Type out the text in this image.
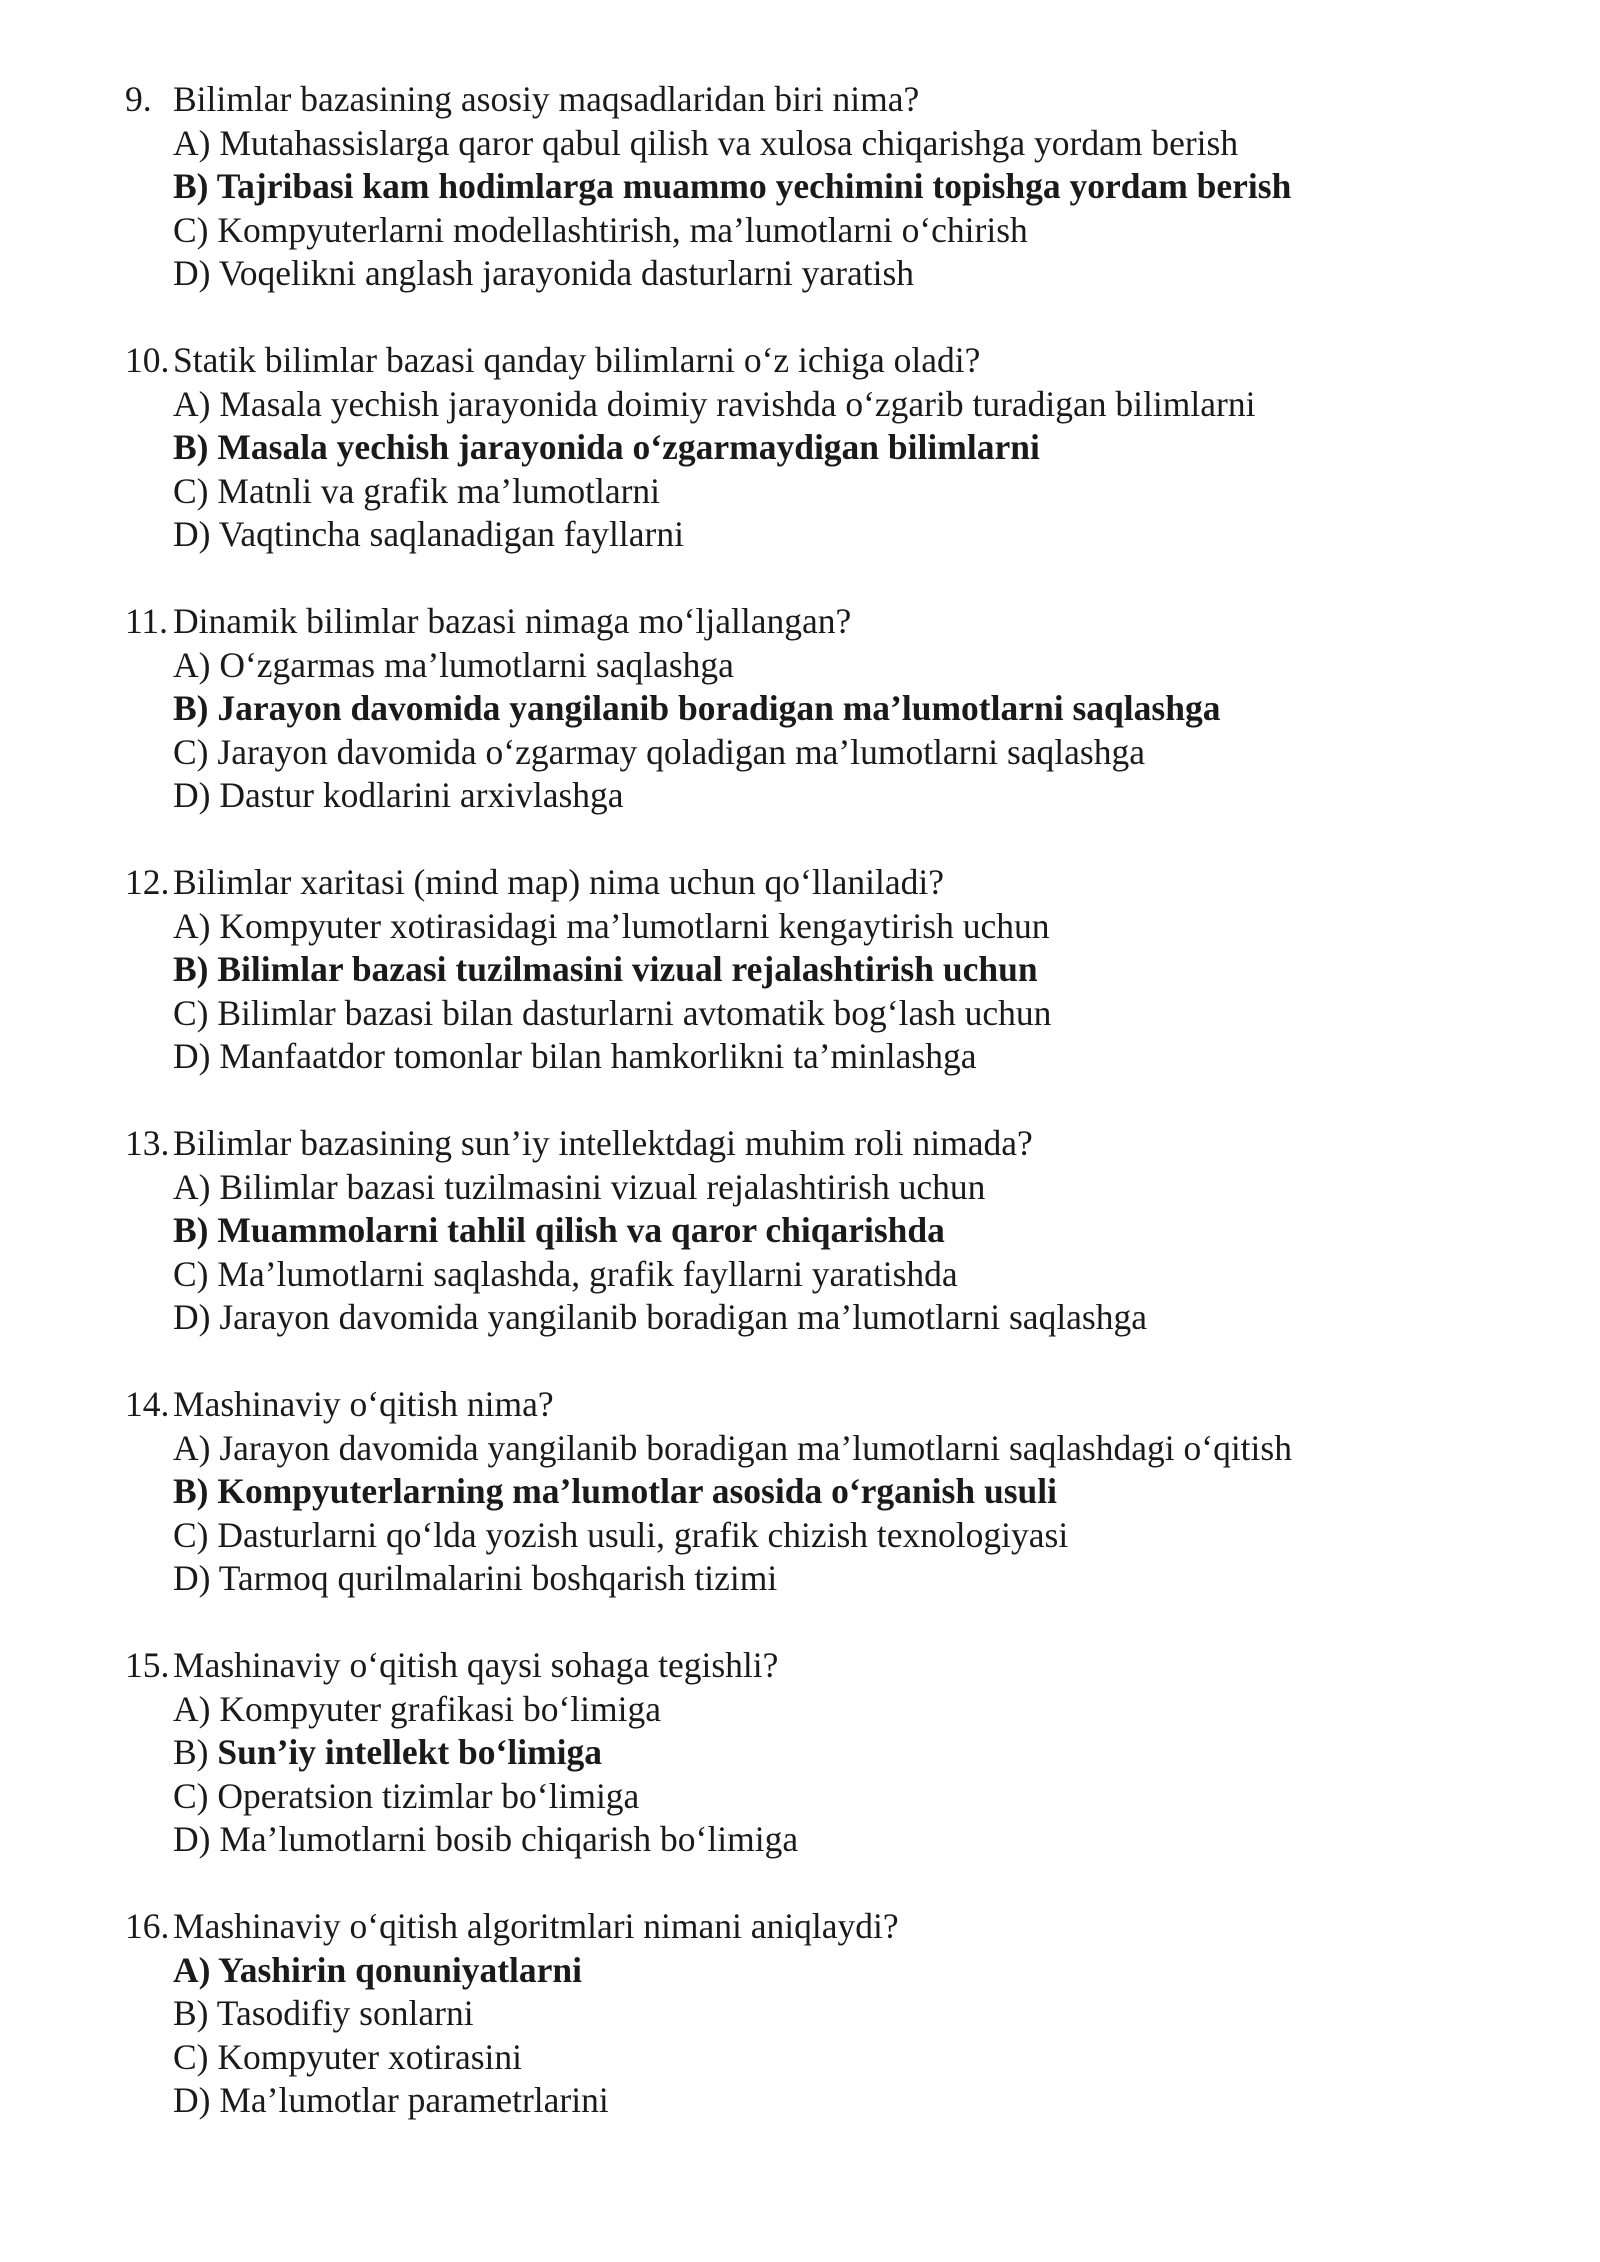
9. Bilimlar bazasining asosiy maqsadlaridan biri nima?
A) Mutahassislarga qaror qabul qilish va xulosa chiqarishga yordam berish
B) Tajribasi kam hodimlarga muammo yechimini topishga yordam berish
C) Kompyuterlarni modellashtirish, ma’lumotlarni o‘chirish
D) Voqelikni anglash jarayonida dasturlarni yaratish
10. Statik bilimlar bazasi qanday bilimlarni o‘z ichiga oladi?
A) Masala yechish jarayonida doimiy ravishda o‘zgarib turadigan bilimlarni
B) Masala yechish jarayonida o‘zgarmaydigan bilimlarni
C) Matnli va grafik ma’lumotlarni
D) Vaqtincha saqlanadigan fayllarni
11. Dinamik bilimlar bazasi nimaga mo‘ljallangan?
A) O‘zgarmas ma’lumotlarni saqlashga
B) Jarayon davomida yangilanib boradigan ma’lumotlarni saqlashga
C) Jarayon davomida o‘zgarmay qoladigan ma’lumotlarni saqlashga
D) Dastur kodlarini arxivlashga
12. Bilimlar xaritasi (mind map) nima uchun qo‘llaniladi?
A) Kompyuter xotirasidagi ma’lumotlarni kengaytirish uchun
B) Bilimlar bazasi tuzilmasini vizual rejalashtirish uchun
C) Bilimlar bazasi bilan dasturlarni avtomatik bog‘lash uchun
D) Manfaatdor tomonlar bilan hamkorlikni ta’minlashga
13. Bilimlar bazasining sun’iy intellektdagi muhim roli nimada?
A) Bilimlar bazasi tuzilmasini vizual rejalashtirish uchun
B) Muammolarni tahlil qilish va qaror chiqarishda
C) Ma’lumotlarni saqlashda, grafik fayllarni yaratishda
D) Jarayon davomida yangilanib boradigan ma’lumotlarni saqlashga
14. Mashinaviy o‘qitish nima?
A) Jarayon davomida yangilanib boradigan ma’lumotlarni saqlashdagi o‘qitish
B) Kompyuterlarning ma’lumotlar asosida o‘rganish usuli
C) Dasturlarni qo‘lda yozish usuli, grafik chizish texnologiyasi
D) Tarmoq qurilmalarini boshqarish tizimi
15. Mashinaviy o‘qitish qaysi sohaga tegishli?
A) Kompyuter grafikasi bo‘limiga
B) Sun’iy intellekt bo‘limiga
C) Operatsion tizimlar bo‘limiga
D) Ma’lumotlarni bosib chiqarish bo‘limiga
16. Mashinaviy o‘qitish algoritmlari nimani aniqlaydi?
A) Yashirin qonuniyatlarni
B) Tasodifiy sonlarni
C) Kompyuter xotirasini
D) Ma’lumotlar parametrlarini
